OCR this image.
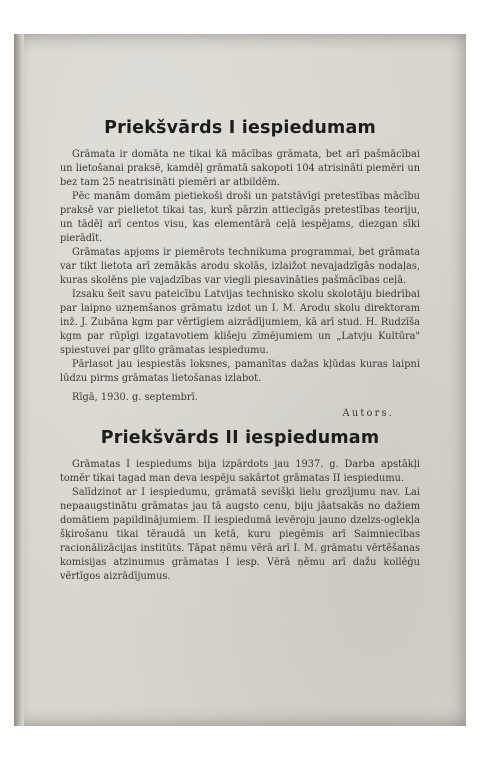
Priekšvārds I iespiedumam

Grāmata ir domāta ne tikai kā mācības grāmata, bet arī pašmācībai un lietošanai praksē, kamdēļ grāmatā sakopoti 104 atrisināti piemēri un bez tam 25 neatrisināti piemēri ar atbildēm.

Pēc manām domām pietiekoši droši un patstāvīgi pretestības mācību praksē var pielietot tikai tas, kurš pārzin attiecīgās pretestības teoriju, un tādēļ arī centos visu, kas elementārā ceļā iespējams, diezgan sīki pierādīt.

Grāmatas apjoms ir piemērots technikuma programmai, bet grāmata var tikt lietota arī zemākās arodu skolās, izlaižot nevajadzīgās nodaļas, kuras skolēns pie vajadzības var viegli piesavināties pašmācības ceļā.

Izsaku šeit savu pateicību Latvijas technisko skolu skolotāju biedrībai par laipno uzņemšanos grāmatu izdot un I. M. Arodu skolu direktoram inž. J. Zubāna kgm par vērtīgiem aizrādījumiem, kā arī stud. H. Rudzīša kgm par rūpīgi izgatavotiem klišeju zīmējumiem un „Latvju Kultūra" spiestuvei par glīto grāmatas iespiedumu.

Pārlasot jau iespiestās loksnes, pamanītas dažas kļūdas kuras laipni lūdzu pirms grāmatas lietošanas izlabot.

Rīgā, 1930. g. septembrī.
Autors.
Priekšvārds II iespiedumam

Grāmatas I iespiedums bija izpārdots jau 1937. g. Darba apstākļi tomēr tikai tagad man deva iespēju sakārtot grāmatas II iespiedumu.

Salīdzinot ar I iespiedumu, grāmatā sevišķi lielu grozījumu nav. Lai nepaaugstinātu grāmatas jau tā augsto cenu, biju jāatsakās no dažiem domātiem papildinājumiem. II iespiedumā ievēroju jauno dzelzs-oglekļa šķirošanu tikai tēraudā un ketā, kuru piegēmis arī Saimniecības racionālizācijas institūts. Tāpat ņēmu vērā arī I. M. grāmatu vērtēšanas komisijas atzinumus grāmatas I iesp. Vērā ņēmu arī dažu kollēģu vērtīgos aizrādījumus.
